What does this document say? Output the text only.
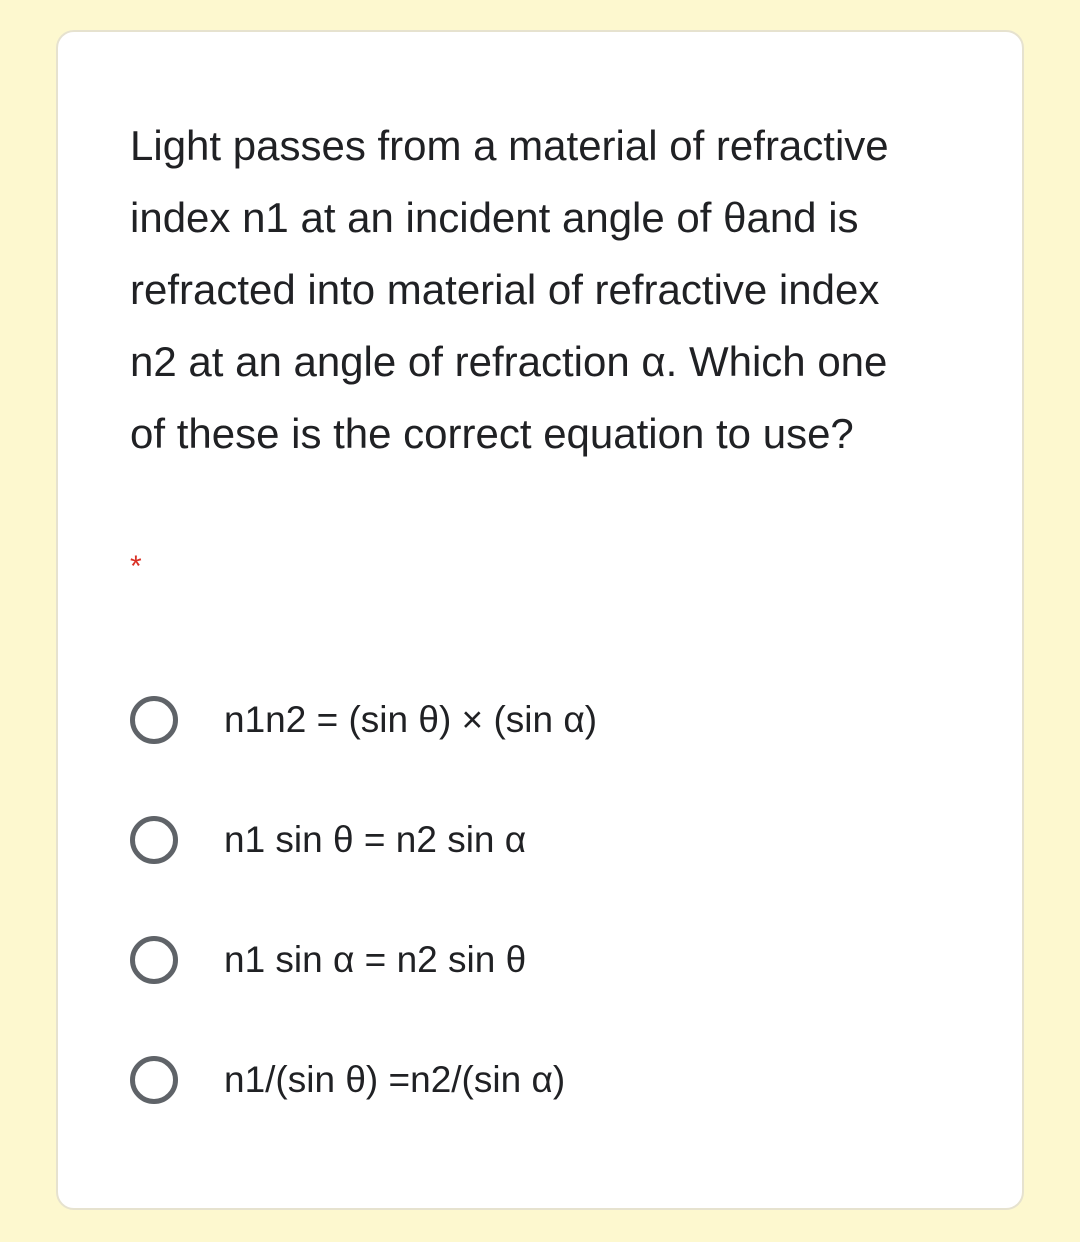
Light passes from a material of refractive index n1 at an incident angle of θand is refracted into material of refractive index n2 at an angle of refraction α. Which one of these is the correct equation to use?

*
n1n2 = (sin θ) × (sin α)
n1 sin θ = n2 sin α
n1 sin α = n2 sin θ
n1/(sin θ) =n2/(sin α)
